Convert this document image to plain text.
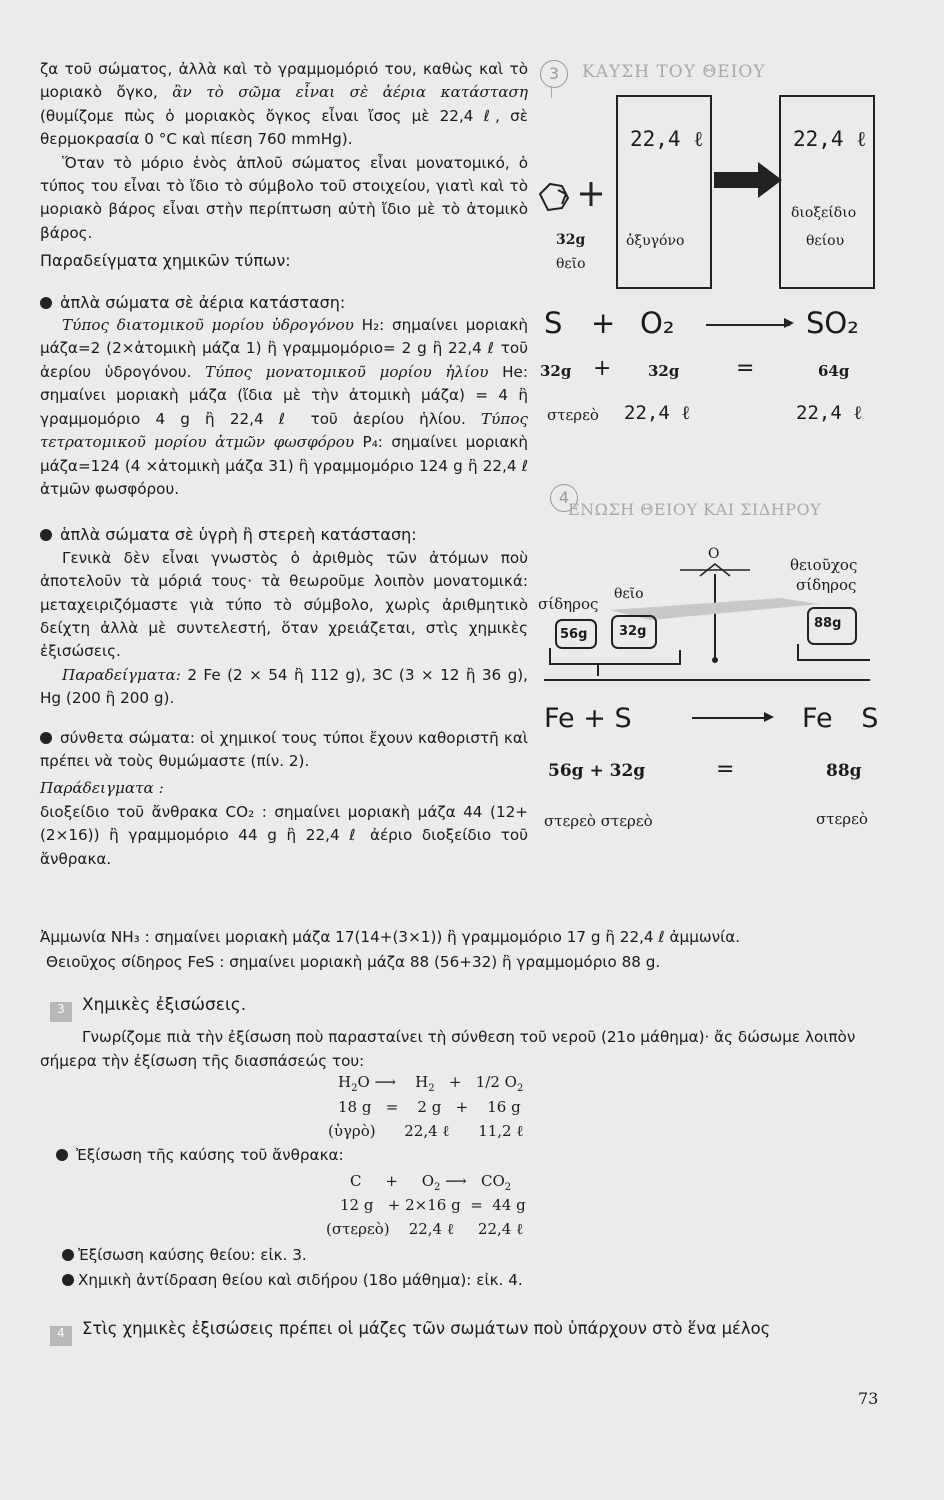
ζα τοῦ σώματος, ἀλλὰ καὶ τὸ γραμμομόριό του, καθὼς καὶ τὸ μοριακὸ ὄγκο, ἂν τὸ σῶμα εἶναι σὲ ἀέρια κατάσταση (θυμίζομε πὼς ὁ μοριακὸς ὄγκος εἶναι ἴσος μὲ 22,4 ℓ, σὲ θερμοκρασία 0 °C καὶ πίεση 760 mmHg).

Ὅταν τὸ μόριο ἑνὸς ἁπλοῦ σώματος εἶναι μονατομικό, ὁ τύπος του εἶναι τὸ ἴδιο τὸ σύμβολο τοῦ στοιχείου, γιατὶ καὶ τὸ μοριακὸ βάρος εἶναι στὴν περίπτωση αὐτὴ ἴδιο μὲ τὸ ἀτομικὸ βάρος.

Παραδείγματα χημικῶν τύπων:

ἁπλὰ σώματα σὲ ἀέρια κατάσταση:

Τύπος διατομικοῦ μορίου ὑδρογόνου H₂: σημαίνει μοριακὴ μάζα=2 (2×ἀτομικὴ μάζα 1) ἢ γραμμομόριο= 2 g ἢ 22,4 ℓ τοῦ ἀερίου ὑδρογόνου. Τύπος μονατομικοῦ μορίου ἡλίου He: σημαίνει μοριακὴ μάζα (ἴδια μὲ τὴν ἀτομικὴ μάζα) = 4 ἢ γραμμομόριο 4 g ἢ 22,4 ℓ τοῦ ἀερίου ἡλίου. Τύπος τετρατομικοῦ μορίου ἀτμῶν φωσφόρου P₄: σημαίνει μοριακὴ μάζα=124 (4 ×ἀτομικὴ μάζα 31) ἢ γραμμομόριο 124 g ἢ 22,4 ℓ ἀτμῶν φωσφόρου.

ἁπλὰ σώματα σὲ ὑγρὴ ἢ στερεὴ κατάσταση:

Γενικὰ δὲν εἶναι γνωστὸς ὁ ἀριθμὸς τῶν ἀτόμων ποὺ ἀποτελοῦν τὰ μόριά τους· τὰ θεωροῦμε λοιπὸν μονατομικά: μεταχειριζόμαστε γιὰ τύπο τὸ σύμβολο, χωρὶς ἀριθμητικὸ δείχτη ἀλλὰ μὲ συντελεστή, ὅταν χρειάζεται, στὶς χημικὲς ἐξισώσεις.

Παραδείγματα: 2 Fe (2 × 54 ἢ 112 g), 3C (3 × 12 ἢ 36 g), Hg (200 ἢ 200 g).

σύνθετα σώματα: οἱ χημικοί τους τύποι ἔχουν καθοριστῆ καὶ πρέπει νὰ τοὺς θυμώμαστε (πίν. 2).

Παράδειγματα :

διοξείδιο τοῦ ἄνθρακα CO₂ : σημαίνει μοριακὴ μάζα 44 (12+(2×16)) ἢ γραμμομόριο 44 g ἢ 22,4 ℓ ἀέριο διοξείδιο τοῦ ἄνθρακα.

Ἀμμωνία NH₃ : σημαίνει μοριακὴ μάζα 17(14+(3×1)) ἢ γραμμομόριο 17 g ἢ 22,4 ℓ ἀμμωνία.
Θειοῦχος σίδηρος FeS : σημαίνει μοριακὴ μάζα 88 (56+32) ἢ γραμμομόριο 88 g.
3 Χημικὲς ἐξισώσεις.
Γνωρίζομε πιὰ τὴν ἐξίσωση ποὺ παρασταίνει τὴ σύνθεση τοῦ νεροῦ (21ο μάθημα)· ἄς δώσωμε λοιπὸν σήμερα τὴν ἐξίσωση τῆς διασπάσεώς του:
$H_2O$ ⟶    $H_2 + 1/2$ $O_2$
18 g   =    2 g   +    16 g
(ὑγρὸ)      22,4 ℓ      11,2 ℓ
Ἐξίσωση τῆς καύσης τοῦ ἄνθρακα:
C     +     $O_2$ ⟶   $CO_2$
12 g   + 2×16 g  =  44 g
(στερεὸ)    22,4 ℓ     22,4 ℓ
Ἐξίσωση καύσης θείου: εἰκ. 3.
Χημικὴ ἀντίδραση θείου καὶ σιδήρου (18ο μάθημα): εἰκ. 4.
4 Στὶς χημικὲς ἐξισώσεις πρέπει οἱ μάζες τῶν σωμάτων ποὺ ὑπάρχουν στὸ ἕνα μέλος
73
3	ΚΑΥΣΗ ΤΟΥ ΘΕΙΟΥ
22,4 ℓ
ὀξυγόνο
22,4 ℓ
διοξείδιο
θείου
32g
θεῖο
S + O₂	SO₂
32g + 32g	=	64g
στερεὸ 22,4 ℓ	22,4 ℓ
4
ΕΝΩΣΗ ΘΕΙΟΥ ΚΑΙ ΣΙΔΗΡΟΥ
O
σίδηρος
θεῖο
θειοῦχος
σίδηρος
56g 32g
88g
Fe + S	Fe S
56g + 32g	=	88g
στερεὸ στερεὸ	στερεὸ
